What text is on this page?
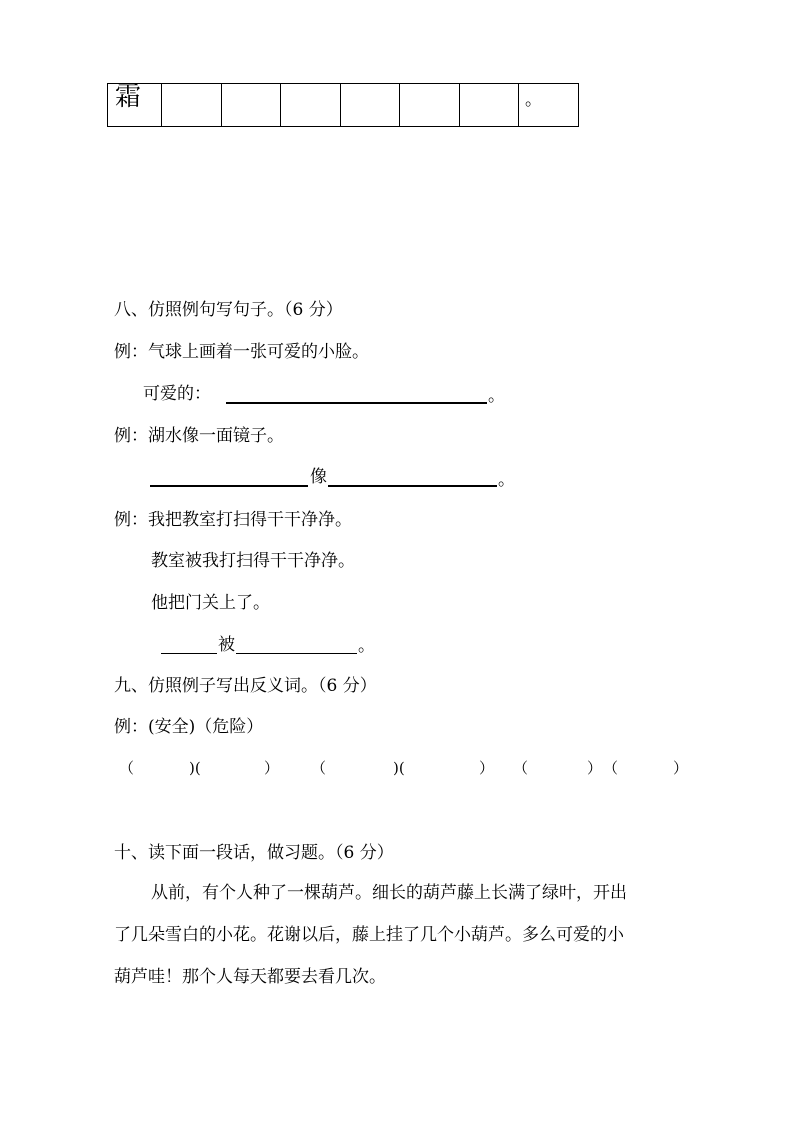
霜							。
八、仿照例句写句子。（6 分）
例：气球上画着一张可爱的小脸。
可爱的：	。
例：湖水像一面镜子。
像	。
例：我把教室打扫得干干净净。
教室被我打扫得干干净净。
他把门关上了。
被	。
九、仿照例子写出反义词。（6 分）
例：(安全)（危险）
（	)(	） （	)(	） （	） （	）
十、读下面一段话，做习题。（6 分）
从前，有个人种了一棵葫芦。细长的葫芦藤上长满了绿叶，开出
了几朵雪白的小花。花谢以后，藤上挂了几个小葫芦。多么可爱的小
葫芦哇！那个人每天都要去看几次。
